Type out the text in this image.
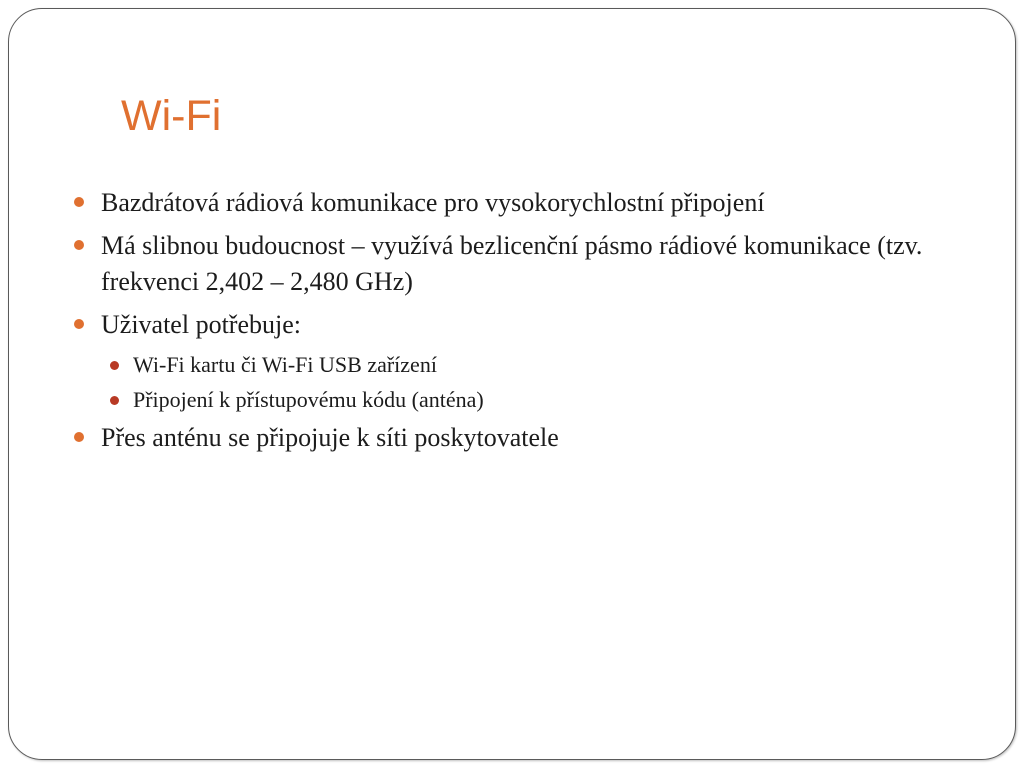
Wi-Fi
Bazdrátová rádiová komunikace pro vysokorychlostní připojení
Má slibnou budoucnost – využívá bezlicenční pásmo rádiové komunikace (tzv. frekvenci 2,402 – 2,480 GHz)
Uživatel potřebuje:
Wi-Fi kartu či Wi-Fi USB zařízení
Připojení k přístupovému kódu (anténa)
Přes anténu se připojuje k síti poskytovatele
